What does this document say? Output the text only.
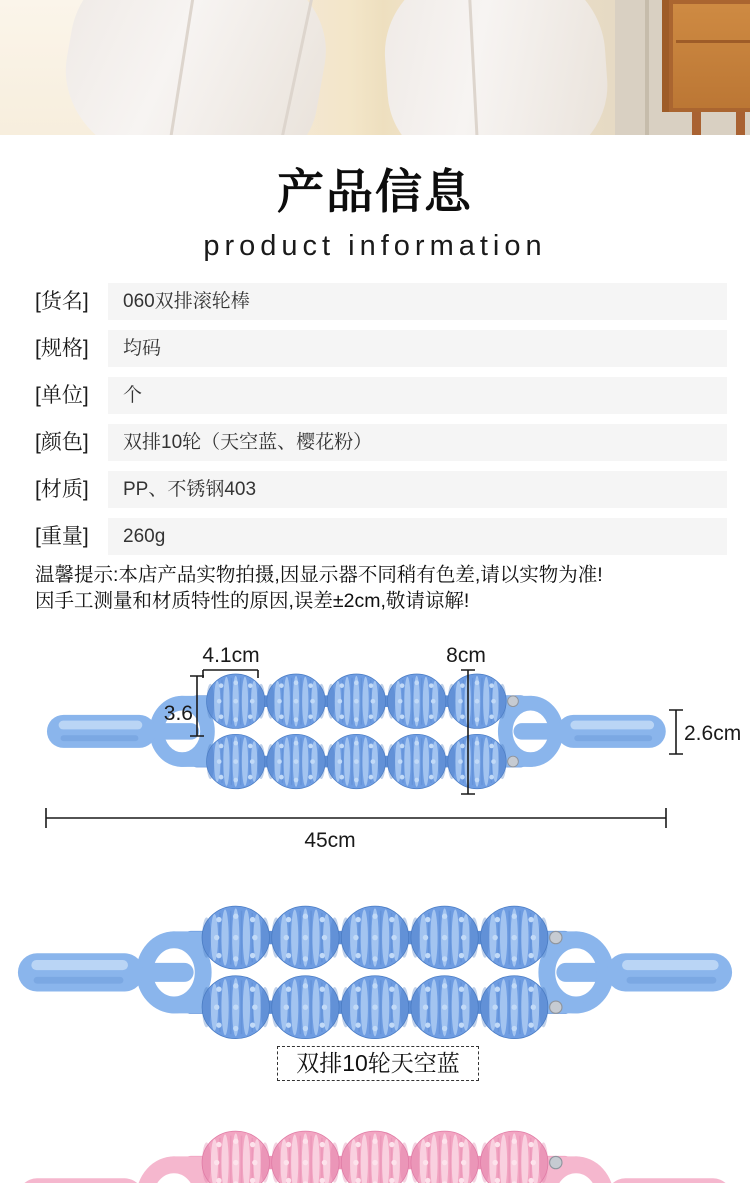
产品信息
product information
[货名]	060双排滚轮棒
[规格]	均码
[单位]	个
[颜色]	双排10轮（天空蓝、樱花粉）
[材质]	PP、不锈钢403
[重量]	260g
温馨提示:本店产品实物拍摄,因显示器不同稍有色差,请以实物为准!
因手工测量和材质特性的原因,误差±2cm,敬请谅解!
4.1cm
3.6
8cm
2.6cm
45cm
双排10轮天空蓝
